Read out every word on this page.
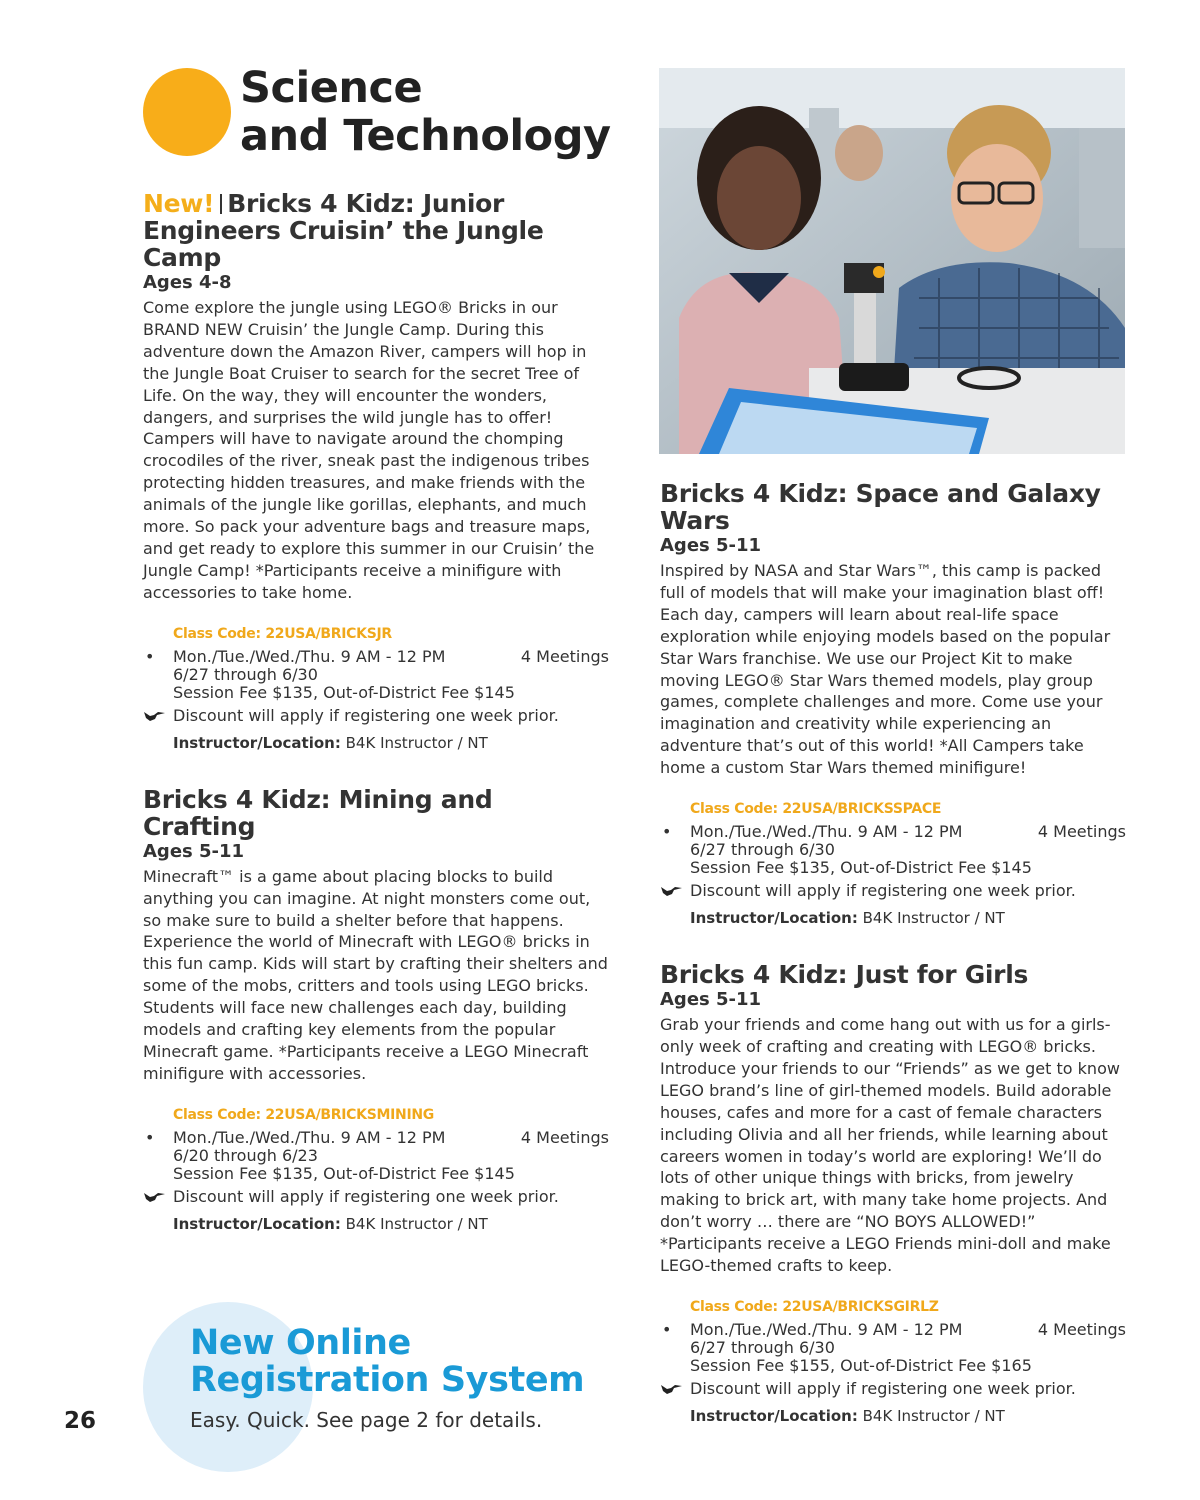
Science
and Technology
New! Bricks 4 Kidz: Junior Engineers Cruisin’ the Jungle Camp
Ages 4-8
Come explore the jungle using LEGO® Bricks in our BRAND NEW Cruisin’ the Jungle Camp. During this adventure down the Amazon River, campers will hop in the Jungle Boat Cruiser to search for the secret Tree of Life. On the way, they will encounter the wonders, dangers, and surprises the wild jungle has to offer! Campers will have to navigate around the chomping crocodiles of the river, sneak past the indigenous tribes protecting hidden treasures, and make friends with the animals of the jungle like gorillas, elephants, and much more. So pack your adventure bags and treasure maps, and get ready to explore this summer in our Cruisin’ the Jungle Camp! *Participants receive a minifigure with accessories to take home.
Class Code: 22USA/BRICKSJR
• Mon./Tue./Wed./Thu. 9 AM - 12 PM	4 Meetings
6/27 through 6/30
Session Fee $135, Out-of-District Fee $145
Discount will apply if registering one week prior.
Instructor/Location: B4K Instructor / NT
Bricks 4 Kidz: Mining and Crafting
Ages 5-11
Minecraft™ is a game about placing blocks to build anything you can imagine. At night monsters come out, so make sure to build a shelter before that happens. Experience the world of Minecraft with LEGO® bricks in this fun camp. Kids will start by crafting their shelters and some of the mobs, critters and tools using LEGO bricks. Students will face new challenges each day, building models and crafting key elements from the popular Minecraft game. *Participants receive a LEGO Minecraft minifigure with accessories.
Class Code: 22USA/BRICKSMINING
• Mon./Tue./Wed./Thu. 9 AM - 12 PM	4 Meetings
6/20 through 6/23
Session Fee $135, Out-of-District Fee $145
Discount will apply if registering one week prior.
Instructor/Location: B4K Instructor / NT
Bricks 4 Kidz: Space and Galaxy Wars
Ages 5-11
Inspired by NASA and Star Wars™, this camp is packed full of models that will make your imagination blast off! Each day, campers will learn about real-life space exploration while enjoying models based on the popular Star Wars franchise. We use our Project Kit to make moving LEGO® Star Wars themed models, play group games, complete challenges and more. Come use your imagination and creativity while experiencing an adventure that’s out of this world! *All Campers take home a custom Star Wars themed minifigure!
Class Code: 22USA/BRICKSSPACE
• Mon./Tue./Wed./Thu. 9 AM - 12 PM	4 Meetings
6/27 through 6/30
Session Fee $135, Out-of-District Fee $145
Discount will apply if registering one week prior.
Instructor/Location: B4K Instructor / NT
Bricks 4 Kidz: Just for Girls
Ages 5-11
Grab your friends and come hang out with us for a girls-only week of crafting and creating with LEGO® bricks. Introduce your friends to our “Friends” as we get to know LEGO brand’s line of girl-themed models. Build adorable houses, cafes and more for a cast of female characters including Olivia and all her friends, while learning about careers women in today’s world are exploring! We’ll do lots of other unique things with bricks, from jewelry making to brick art, with many take home projects. And don’t worry … there are “NO BOYS ALLOWED!” *Participants receive a LEGO Friends mini-doll and make LEGO-themed crafts to keep.
Class Code: 22USA/BRICKSGIRLZ
• Mon./Tue./Wed./Thu. 9 AM - 12 PM	4 Meetings
6/27 through 6/30
Session Fee $155, Out-of-District Fee $165
Discount will apply if registering one week prior.
Instructor/Location: B4K Instructor / NT
New Online
Registration System
Easy. Quick. See page 2 for details.
26
